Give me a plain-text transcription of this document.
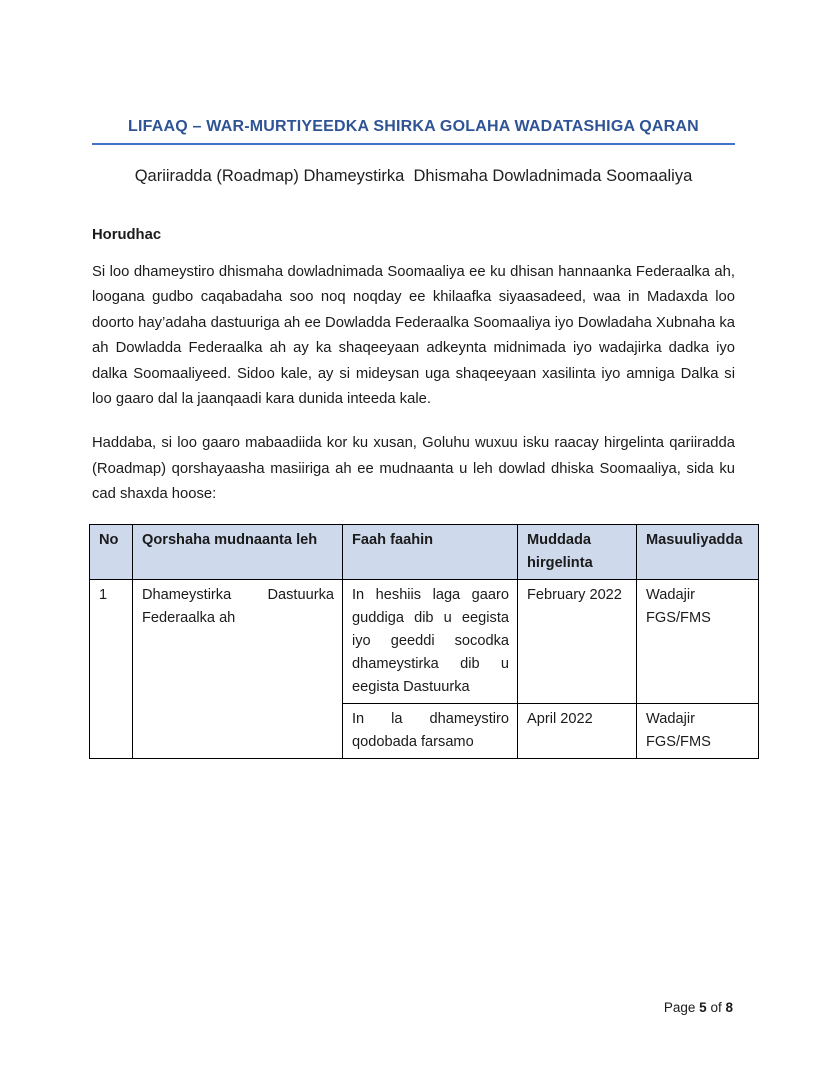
LIFAAQ – WAR-MURTIYEEDKA SHIRKA GOLAHA WADATASHIGA QARAN
Qariiradda (Roadmap) Dhameystirka  Dhismaha Dowladnimada Soomaaliya
Horudhac

Si loo dhameystiro dhismaha dowladnimada Soomaaliya ee ku dhisan hannaanka Federaalka ah, loogana gudbo caqabadaha soo noq noqday ee khilaafka siyaasadeed, waa in Madaxda loo doorto hay’adaha dastuuriga ah ee Dowladda Federaalka Soomaaliya iyo Dowladaha Xubnaha ka ah Dowladda Federaalka ah ay ka shaqeeyaan adkeynta midnimada iyo wadajirka dadka iyo dalka Soomaaliyeed. Sidoo kale, ay si mideysan uga shaqeeyaan xasilinta iyo amniga Dalka si loo gaaro dal la jaanqaadi kara dunida inteeda kale.

Haddaba, si loo gaaro mabaadiida kor ku xusan, Goluhu wuxuu isku raacay hirgelinta qariiradda (Roadmap) qorshayaasha masiiriga ah ee mudnaanta u leh dowlad dhiska Soomaaliya, sida ku cad shaxda hoose:

No	Qorshaha mudnaanta leh	Faah faahin	Muddada hirgelinta	Masuuliyadda
1	Dhameystirka Dastuurka Federaalka ah	In heshiis laga gaaro guddiga dib u eegista iyo geeddi socodka dhameystirka dib u eegista Dastuurka	February 2022	Wadajir FGS/FMS
		In la dhameystiro qodobada farsamo	April 2022	Wadajir FGS/FMS
Page 5 of 8
